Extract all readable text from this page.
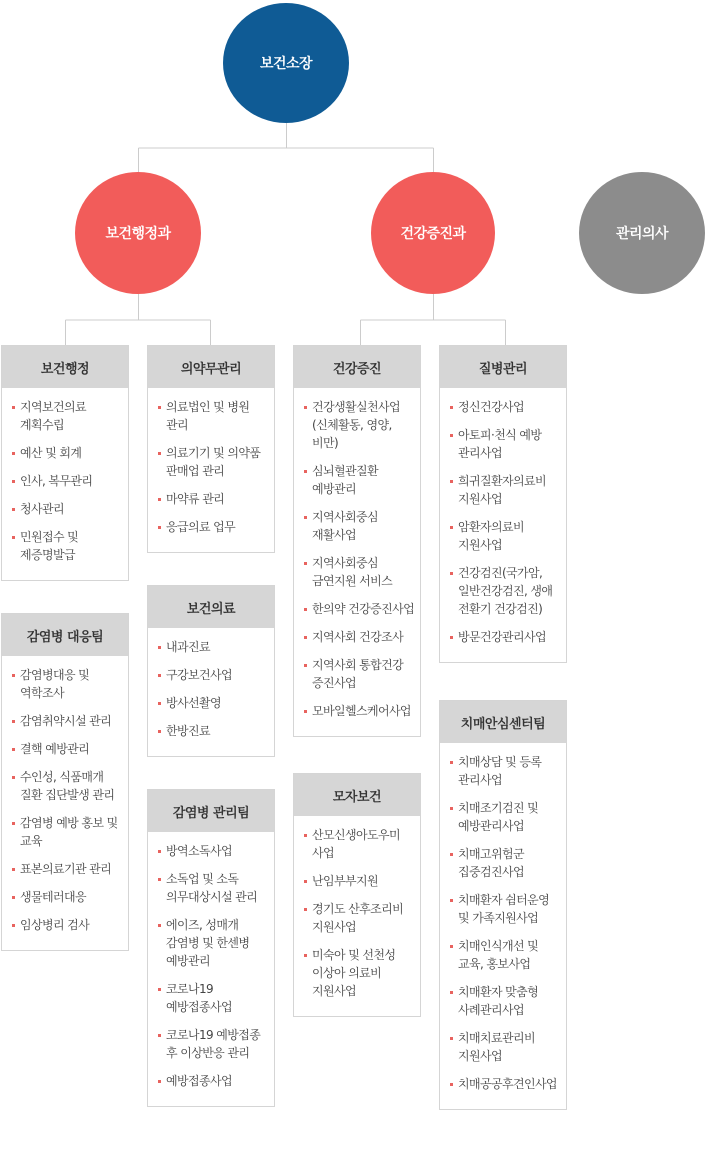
보건소장
보건행정과	건강증진과	관리의사
보건행정
지역보건의료 계획수립
예산 및 회계
인사, 복무관리
청사관리
민원접수 및 제증명발급
감염병 대응팀
감염병대응 및 역학조사
감염취약시설 관리
결핵 예방관리
수인성, 식품매개 질환 집단발생 관리
감염병 예방 홍보 및 교육
표본의료기관 관리
생물테러대응
임상병리 검사
의약무관리
의료법인 및 병원 관리
의료기기 및 의약품 판매업 관리
마약류 관리
응급의료 업무
보건의료
내과진료
구강보건사업
방사선촬영
한방진료
감염병 관리팀
방역소독사업
소독업 및 소독 의무대상시설 관리
에이즈, 성매개 감염병 및 한센병 예방관리
코로나19 예방접종사업
코로나19 예방접종 후 이상반응 관리
예방접종사업
건강증진
건강생활실천사업 (신체활동, 영양, 비만)
심뇌혈관질환 예방관리
지역사회중심 재활사업
지역사회중심 금연지원 서비스
한의약 건강증진사업
지역사회 건강조사
지역사회 통합건강 증진사업
모바일헬스케어사업
모자보건
산모신생아도우미 사업
난임부부지원
경기도 산후조리비 지원사업
미숙아 및 선천성 이상아 의료비 지원사업
질병관리
정신건강사업
아토피·천식 예방 관리사업
희귀질환자의료비 지원사업
암환자의료비 지원사업
건강검진(국가암, 일반건강검진, 생애 전환기 건강검진)
방문건강관리사업
치매안심센터팀
치매상담 및 등록 관리사업
치매조기검진 및 예방관리사업
치매고위험군 집중검진사업
치매환자 쉼터운영 및 가족지원사업
치매인식개선 및 교육, 홍보사업
치매환자 맞춤형 사례관리사업
치매치료관리비 지원사업
치매공공후견인사업
